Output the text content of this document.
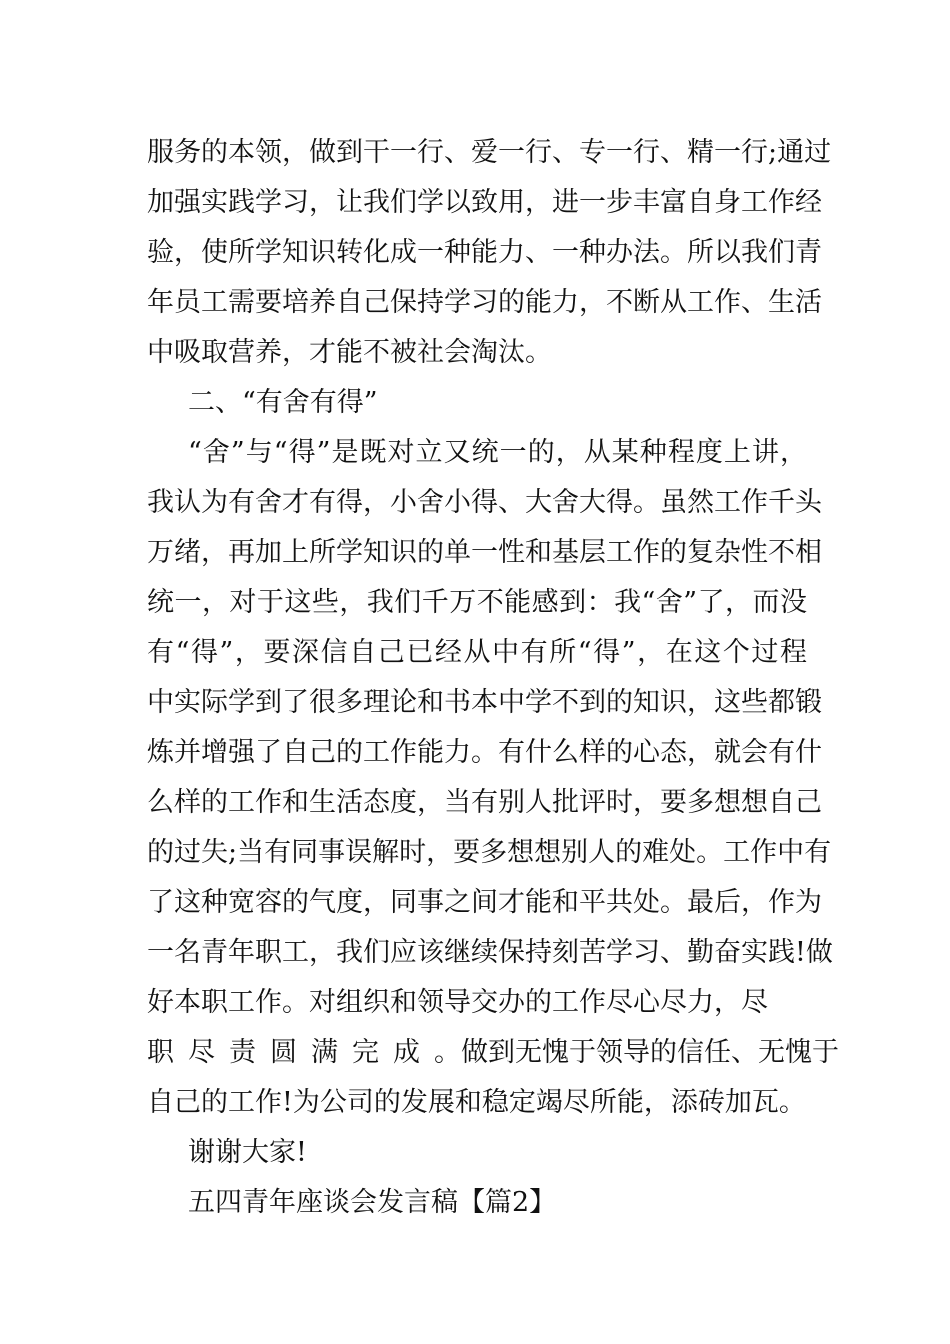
服务的本领，做到干一行、爱一行、专一行、精一行;通过
加强实践学习，让我们学以致用，进一步丰富自身工作经
验，使所学知识转化成一种能力、一种办法。所以我们青
年员工需要培养自己保持学习的能力，不断从工作、生活
中吸取营养，才能不被社会淘汰。
二、“有舍有得”
“舍”与“得”是既对立又统一的，从某种程度上讲，
我认为有舍才有得，小舍小得、大舍大得。虽然工作千头
万绪，再加上所学知识的单一性和基层工作的复杂性不相
统一，对于这些，我们千万不能感到：我“舍”了，而没
有“得”，要深信自己已经从中有所“得”，在这个过程
中实际学到了很多理论和书本中学不到的知识，这些都锻
炼并增强了自己的工作能力。有什么样的心态，就会有什
么样的工作和生活态度，当有别人批评时，要多想想自己
的过失;当有同事误解时，要多想想别人的难处。工作中有
了这种宽容的气度，同事之间才能和平共处。最后，作为
一名青年职工，我们应该继续保持刻苦学习、勤奋实践!做
好本职工作。对组织和领导交办的工作尽心尽力，尽
职尽责圆满完成。做到无愧于领导的信任、无愧于
自己的工作!为公司的发展和稳定竭尽所能，添砖加瓦。
谢谢大家!
五四青年座谈会发言稿【篇2】
